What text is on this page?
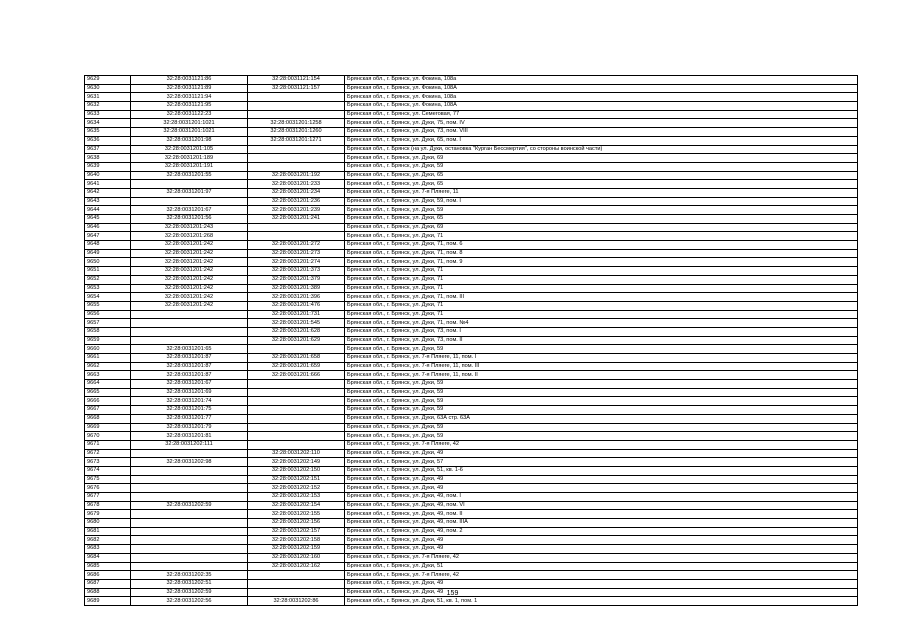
9629	32:28:0031121:86	32:28:0031121:154	Брянская обл., г. Брянск, ул. Фокина, 108а
9630	32:28:0031121:89	32:28:0031121:157	Брянская обл., г. Брянск, ул. Фокина, 108А
9631	32:28:0031121:94		Брянская обл., г. Брянск, ул. Фокина, 108а
9632	32:28:0031121:95		Брянская обл., г. Брянск, ул. Фокина, 108А
9633	32:28:0031122:23		Брянская обл., г. Брянск, ул. Семеговая, 77
9634	32:28:0031201:1021	32:28:0031201:1258	Брянская обл., г. Брянск, ул. Дуки, 75, пом. IV
9635	32:28:0031201:1021	32:28:0031201:1260	Брянская обл., г. Брянск, ул. Дуки, 73, пом. VIII
9636	32:28:0031201:98	32:28:0031201:1271	Брянская обл., г. Брянск, ул. Дуки, 65, пом. I
9637	32:28:0031201:105		Брянская обл., г. Брянск (на ул. Дуки, остановка "Курган Бессмертия", со стороны воинской части)
9638	32:28:0031201:189		Брянская обл., г. Брянск, ул. Дуки, 69
9639	32:28:0031201:191		Брянская обл., г. Брянск, ул. Дуки, 59
9640	32:28:0031201:55	32:28:0031201:192	Брянская обл., г. Брянск, ул. Дуки, 65
9641		32:28:0031201:233	Брянская обл., г. Брянск, ул. Дуки, 65
9642	32:28:0031201:97	32:28:0031201:234	Брянская обл., г. Брянск, ул. 7-я Пляеге, 11
9643		32:28:0031201:236	Брянская обл., г. Брянск, ул. Дуки, 59, пом. I
9644	32:28:0031201:67	32:28:0031201:239	Брянская обл., г. Брянск, ул. Дуки, 59
9645	32:28:0031201:56	32:28:0031201:241	Брянская обл., г. Брянск, ул. Дуки, 65
9646	32:28:0031201:243		Брянская обл., г. Брянск, ул. Дуки, 69
9647	32:28:0031201:268		Брянская обл., г. Брянск, ул. Дуки, 71
9648	32:28:0031201:242	32:28:0031201:272	Брянская обл., г. Брянск, ул. Дуки, 71, пом. 6
9649	32:28:0031201:242	32:28:0031201:273	Брянская обл., г. Брянск, ул. Дуки, 71, пом. 8
9650	32:28:0031201:242	32:28:0031201:274	Брянская обл., г. Брянск, ул. Дуки, 71, пом. 9
9651	32:28:0031201:242	32:28:0031201:373	Брянская обл., г. Брянск, ул. Дуки, 71
9652	32:28:0031201:242	32:28:0031201:379	Брянская обл., г. Брянск, ул. Дуки, 71
9653	32:28:0031201:242	32:28:0031201:389	Брянская обл., г. Брянск, ул. Дуки, 71
9654	32:28:0031201:242	32:28:0031201:396	Брянская обл., г. Брянск, ул. Дуки, 71, пом. III
9655	32:28:0031201:242	32:28:0031201:476	Брянская обл., г. Брянск, ул. Дуки, 71
9656		32:28:0031201:731	Брянская обл., г. Брянск, ул. Дуки, 71
9657		32:28:0031201:545	Брянская обл., г. Брянск, ул. Дуки, 71, пом. №4
9658		32:28:0031201:628	Брянская обл., г. Брянск, ул. Дуки, 73, пом. I
9659		32:28:0031201:629	Брянская обл., г. Брянск, ул. Дуки, 73, пом. II
9660	32:28:0031201:65		Брянская обл., г. Брянск, ул. Дуки, 59
9661	32:28:0031201:87	32:28:0031201:658	Брянская обл., г. Брянск, ул. 7-я Пляеге, 11, пом. I
9662	32:28:0031201:87	32:28:0031201:659	Брянская обл., г. Брянск, ул. 7-я Пляеге, 11, пом. III
9663	32:28:0031201:87	32:28:0031201:666	Брянская обл., г. Брянск, ул. 7-я Пляеге, 11, пом. II
9664	32:28:0031201:67		Брянская обл., г. Брянск, ул. Дуки, 59
9665	32:28:0031201:69		Брянская обл., г. Брянск, ул. Дуки, 59
9666	32:28:0031201:74		Брянская обл., г. Брянск, ул. Дуки, 59
9667	32:28:0031201:75		Брянская обл., г. Брянск, ул. Дуки, 59
9668	32:28:0031201:77		Брянская обл., г. Брянск, ул. Дуки, 63А стр. 63А
9669	32:28:0031201:79		Брянская обл., г. Брянск, ул. Дуки, 59
9670	32:28:0031201:81		Брянская обл., г. Брянск, ул. Дуки, 59
9671	32:28:0031202:111		Брянская обл., г. Брянск, ул. 7-я Пляеге, 42
9672		32:28:0031202:110	Брянская обл., г. Брянск, ул. Дуки, 49
9673	32:28:0031202:98	32:28:0031202:149	Брянская обл., г. Брянск, ул. Дуки, 57
9674		32:28:0031202:150	Брянская обл., г. Брянск, ул. Дуки, 51, кв. 1-6
9675		32:28:0031202:151	Брянская обл., г. Брянск, ул. Дуки, 49
9676		32:28:0031202:152	Брянская обл., г. Брянск, ул. Дуки, 49
9677		32:28:0031202:153	Брянская обл., г. Брянск, ул. Дуки, 49, пом. I
9678	32:28:0031202:59	32:28:0031202:154	Брянская обл., г. Брянск, ул. Дуки, 49, пом. VI
9679		32:28:0031202:155	Брянская обл., г. Брянск, ул. Дуки, 49, пом. II
9680		32:28:0031202:156	Брянская обл., г. Брянск, ул. Дуки, 49, пом. IIIА
9681		32:28:0031202:157	Брянская обл., г. Брянск, ул. Дуки, 49, пом. 2
9682		32:28:0031202:158	Брянская обл., г. Брянск, ул. Дуки, 49
9683		32:28:0031202:159	Брянская обл., г. Брянск, ул. Дуки, 49
9684		32:28:0031202:160	Брянская обл., г. Брянск, ул. 7-я Пляеге, 42
9685		32:28:0031202:162	Брянская обл., г. Брянск, ул. Дуки, 51
9686	32:28:0031202:35		Брянская обл., г. Брянск, ул. 7-я Пляеге, 42
9687	32:28:0031202:51		Брянская обл., г. Брянск, ул. Дуки, 49
9688	32:28:0031202:59		Брянская обл., г. Брянск, ул. Дуки, 49
9689	32:28:0031202:56	32:28:0031202:86	Брянская обл., г. Брянск, ул. Дуки, 51, кв. 1, пом. 1
159
